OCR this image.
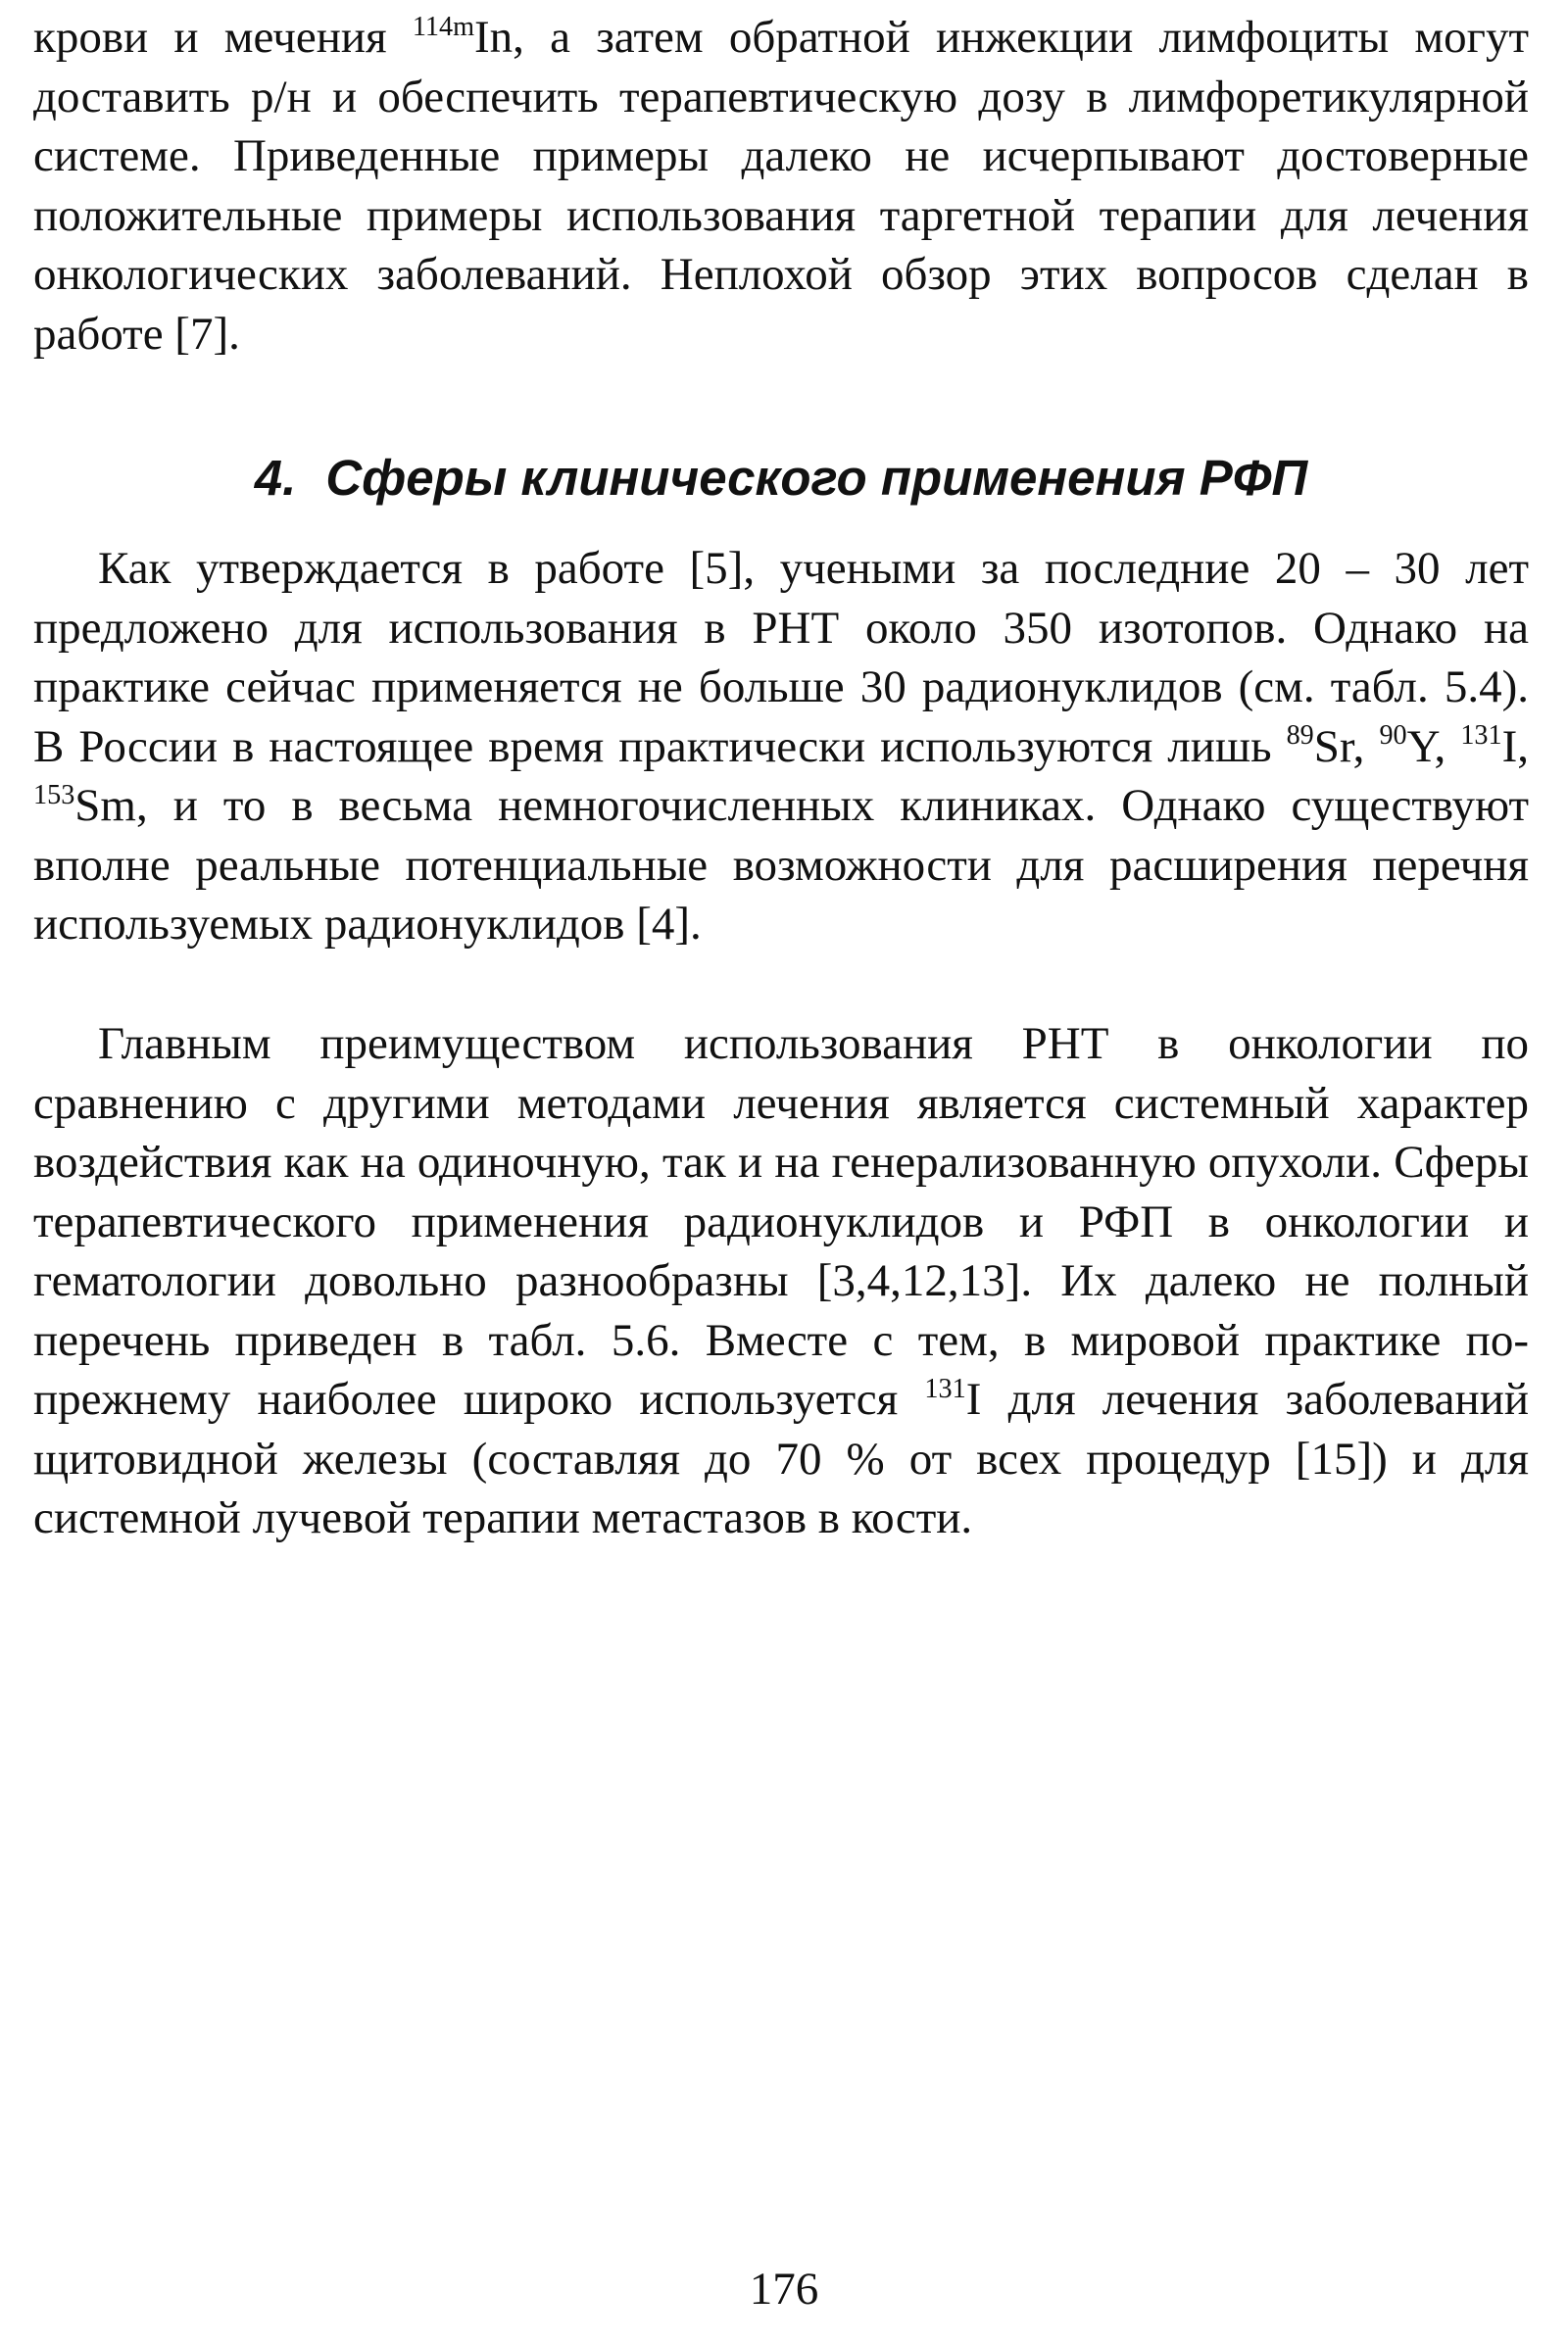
крови и мечения $^{114m}$In, а затем обратной инжекции лимфоциты могут доставить р/н и обеспечить терапевтическую дозу в лимфоретикулярной системе. Приведенные примеры далеко не исчерпывают достоверные положительные примеры использования таргетной терапии для лечения онкологических заболеваний. Неплохой обзор этих вопросов сделан в работе [7].

4. Сферы клинического применения РФП

Как утверждается в работе [5], учеными за последние 20 – 30 лет предложено для использования в РНТ около 350 изотопов. Однако на практике сейчас применяется не больше 30 радионуклидов (см. табл. 5.4). В России в настоящее время практически используются лишь $^{89}$Sr, $^{90}$Y, $^{131}$I, $^{153}$Sm, и то в весьма немногочисленных клиниках. Однако существуют вполне реальные потенциальные возможности для расширения перечня используемых радионуклидов [4].

Главным преимуществом использования РНТ в онкологии по сравнению с другими методами лечения является системный характер воздействия как на одиночную, так и на генерализованную опухоли. Сферы терапевтического применения радионуклидов и РФП в онкологии и гематологии довольно разнообразны [3,4,12,13]. Их далеко не полный перечень приведен в табл. 5.6. Вместе с тем, в мировой практике по-прежнему наиболее широко используется $^{131}$I для лечения заболеваний щитовидной железы (составляя до 70 % от всех процедур [15]) и для системной лучевой терапии метастазов в кости.

176
